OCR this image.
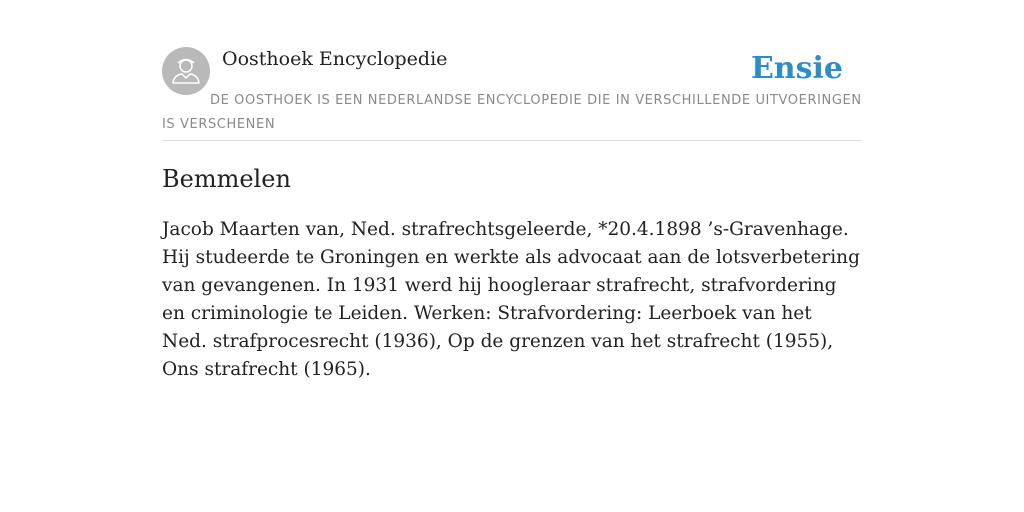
Oosthoek Encyclopedie	Ensie

DE OOSTHOEK IS EEN NEDERLANDSE ENCYCLOPEDIE DIE IN VERSCHILLENDE UITVOERINGEN IS VERSCHENEN

Bemmelen

Jacob Maarten van, Ned. strafrechtsgeleerde, *20.4.1898 ’s-Gravenhage. Hij studeerde te Groningen en werkte als advocaat aan de lotsverbetering van gevangenen. In 1931 werd hij hoogleraar strafrecht, strafvordering en criminologie te Leiden. Werken: Strafvordering: Leerboek van het Ned. strafprocesrecht (1936), Op de grenzen van het strafrecht (1955), Ons strafrecht (1965).
